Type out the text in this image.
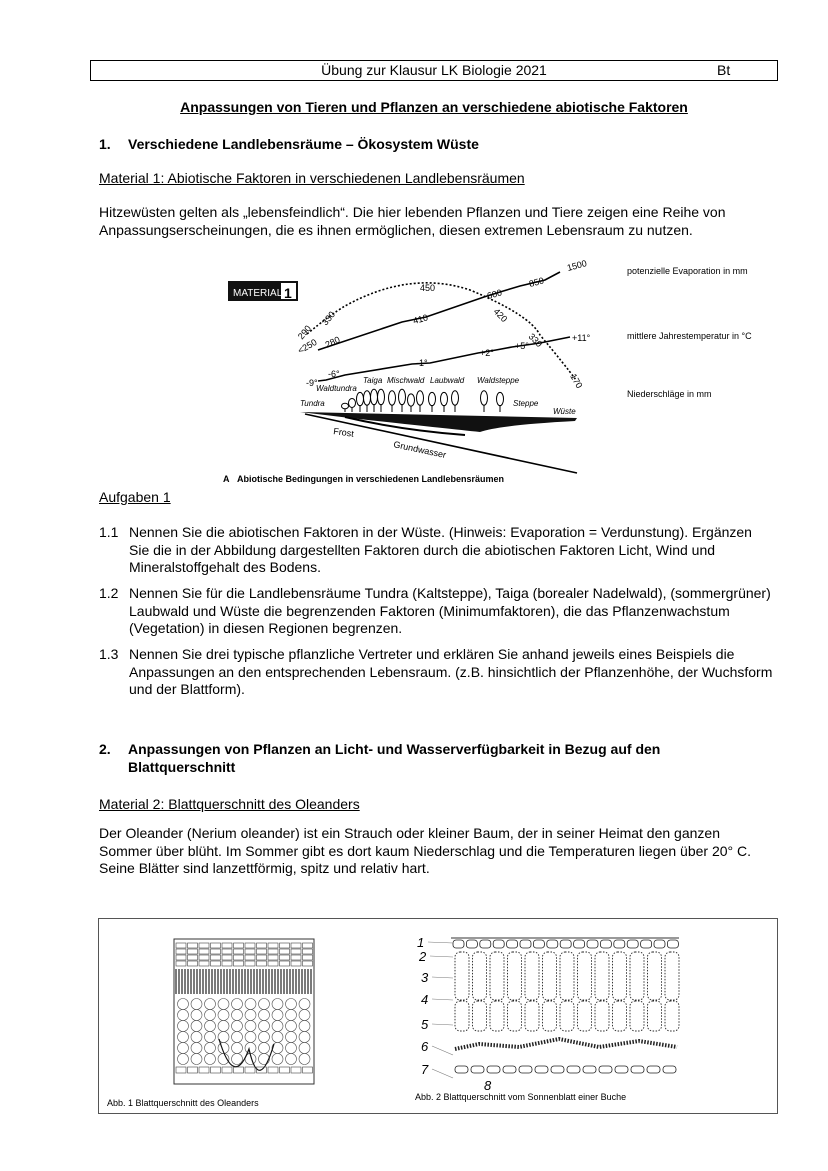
Übung zur Klausur LK Biologie 2021	Bt
Anpassungen von Tieren und Pflanzen an verschiedene abiotische Faktoren
1. Verschiedene Landlebensräume – Ökosystem Wüste
Material 1: Abiotische Faktoren in verschiedenen Landlebensräumen

Hitzewüsten gelten als „lebensfeindlich“. Die hier lebenden Pflanzen und Tiere zeigen eine Reihe von Anpassungserscheinungen, die es ihnen ermöglichen, diesen extremen Lebensraum zu nutzen.

MATERIAL 1
<250 280
410
600
850
1500
290
330
450
420
330
170
-9°
-6°
-1°
+2°
+5°
+11°
Tundra
Waldtundra
Taiga Mischwald Laubwald Waldsteppe
Steppe
Wüste
potenzielle Evaporation in mm
mittlere Jahrestemperatur in °C
Niederschläge in mm
Frost
Grundwasser
A Abiotische Bedingungen in verschiedenen Landlebensräumen
Aufgaben 1
1.1 Nennen Sie die abiotischen Faktoren in der Wüste. (Hinweis: Evaporation = Verdunstung). Ergänzen Sie die in der Abbildung dargestellten Faktoren durch die abiotischen Faktoren Licht, Wind und Mineralstoffgehalt des Bodens.
1.2 Nennen Sie für die Landlebensräume Tundra (Kaltsteppe), Taiga (borealer Nadelwald), (sommergrüner) Laubwald und Wüste die begrenzenden Faktoren (Minimumfaktoren), die das Pflanzenwachstum (Vegetation) in diesen Regionen begrenzen.
1.3 Nennen Sie drei typische pflanzliche Vertreter und erklären Sie anhand jeweils eines Beispiels die Anpassungen an den entsprechenden Lebensraum. (z.B. hinsichtlich der Pflanzenhöhe, der Wuchsform und der Blattform).
2. Anpassungen von Pflanzen an Licht- und Wasserverfügbarkeit in Bezug auf den Blattquerschnitt
Material 2: Blattquerschnitt des Oleanders

Der Oleander (Nerium oleander) ist ein Strauch oder kleiner Baum, der in seiner Heimat den ganzen Sommer über blüht. Im Sommer gibt es dort kaum Niederschlag und die Temperaturen liegen über 20° C. Seine Blätter sind lanzettförmig, spitz und relativ hart.

1
2
3
4
5
6
7
8
Abb. 1 Blattquerschnitt des Oleanders
Abb. 2 Blattquerschnitt vom Sonnenblatt einer Buche
